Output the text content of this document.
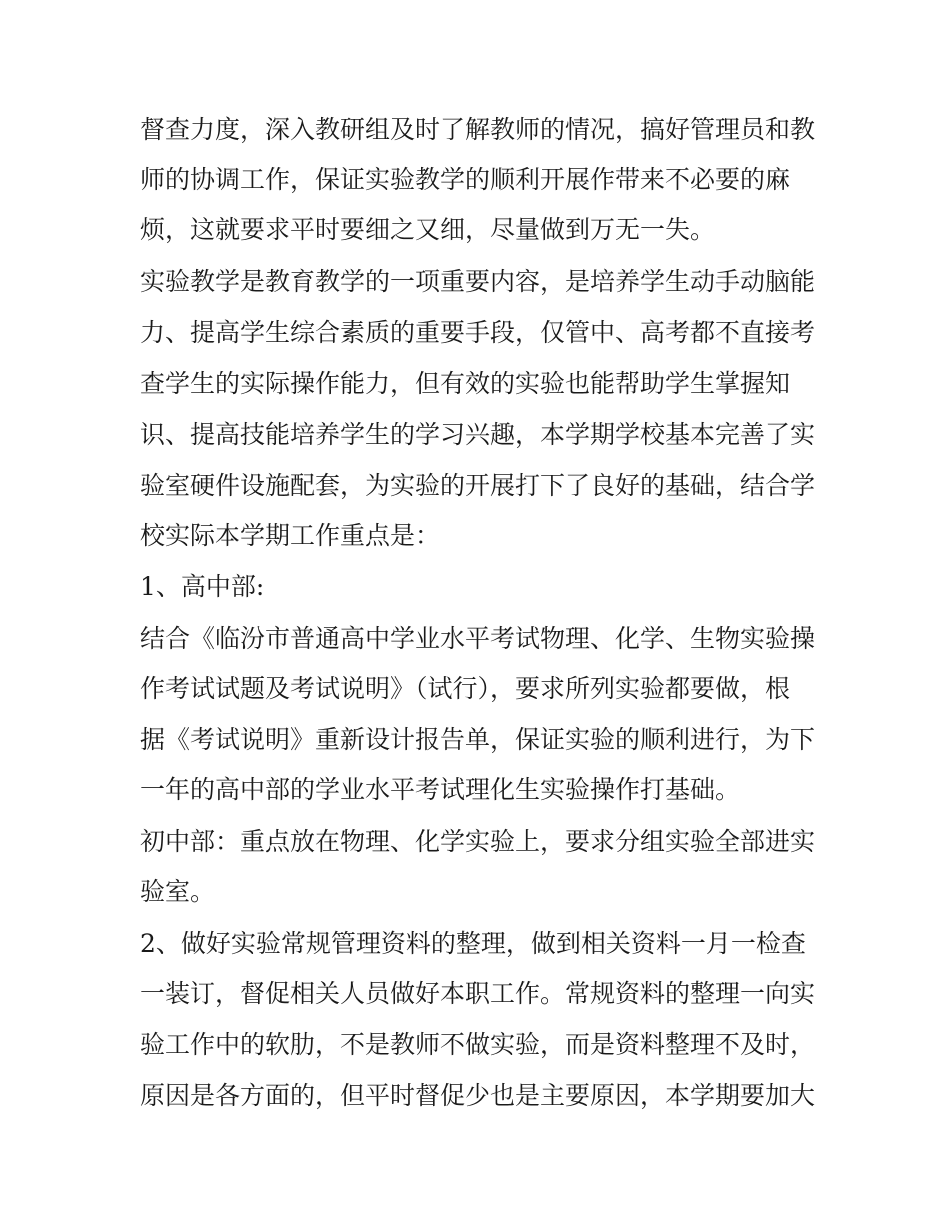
督查力度，深入教研组及时了解教师的情况，搞好管理员和教
师的协调工作，保证实验教学的顺利开展作带来不必要的麻
烦，这就要求平时要细之又细，尽量做到万无一失。
实验教学是教育教学的一项重要内容，是培养学生动手动脑能
力、提高学生综合素质的重要手段，仅管中、高考都不直接考
查学生的实际操作能力，但有效的实验也能帮助学生掌握知
识、提高技能培养学生的学习兴趣，本学期学校基本完善了实
验室硬件设施配套，为实验的开展打下了良好的基础，结合学
校实际本学期工作重点是：
1、高中部:
结合《临汾市普通高中学业水平考试物理、化学、生物实验操
作考试试题及考试说明》（试行），要求所列实验都要做，根
据《考试说明》重新设计报告单，保证实验的顺利进行，为下
一年的高中部的学业水平考试理化生实验操作打基础。
初中部：重点放在物理、化学实验上，要求分组实验全部进实
验室。
2、做好实验常规管理资料的整理，做到相关资料一月一检查
一装订，督促相关人员做好本职工作。常规资料的整理一向实
验工作中的软肋，不是教师不做实验，而是资料整理不及时，
原因是各方面的，但平时督促少也是主要原因，本学期要加大
